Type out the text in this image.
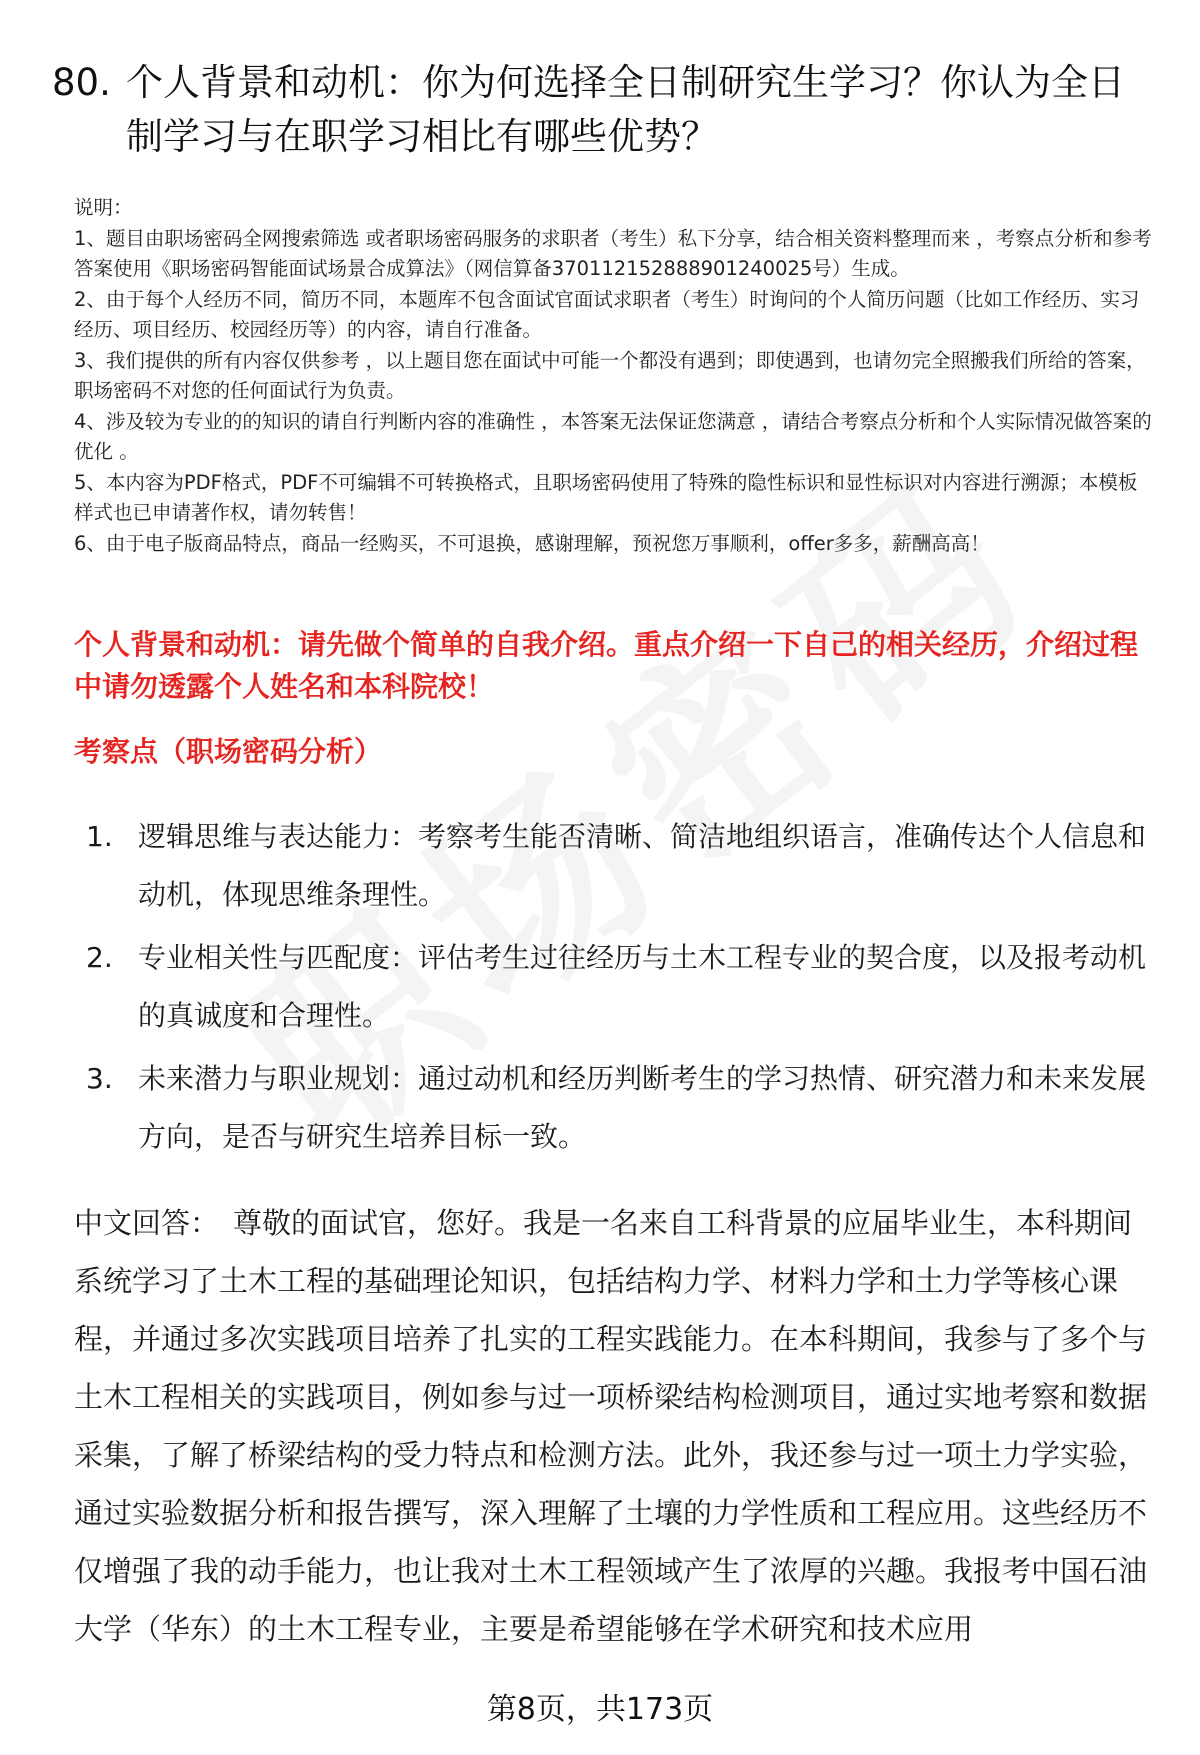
80. 个人背景和动机：你为何选择全日制研究生学习？你认为全日制学习与在职学习相比有哪些优势？

说明：

1、题目由职场密码全网搜索筛选 或者职场密码服务的求职者（考生）私下分享，结合相关资料整理而来 ，考察点分析和参考答案使用《职场密码智能面试场景合成算法》（网信算备370112152888901240025号）生成。

2、由于每个人经历不同，简历不同，本题库不包含面试官面试求职者（考生）时询问的个人简历问题（比如工作经历、实习经历、项目经历、校园经历等）的内容，请自行准备。

3、我们提供的所有内容仅供参考 ，以上题目您在面试中可能一个都没有遇到；即使遇到，也请勿完全照搬我们所给的答案，职场密码不对您的任何面试行为负责。

4、涉及较为专业的的知识的请自行判断内容的准确性 ，本答案无法保证您满意 ，请结合考察点分析和个人实际情况做答案的优化 。

5、本内容为PDF格式，PDF不可编辑不可转换格式，且职场密码使用了特殊的隐性标识和显性标识对内容进行溯源；本模板样式也已申请著作权，请勿转售！

6、由于电子版商品特点，商品一经购买，不可退换，感谢理解，预祝您万事顺利，offer多多，薪酬高高！

个人背景和动机：请先做个简单的自我介绍。重点介绍一下自己的相关经历，介绍过程中请勿透露个人姓名和本科院校！
考察点（职场密码分析）
1. 逻辑思维与表达能力：考察考生能否清晰、简洁地组织语言，准确传达个人信息和动机，体现思维条理性。
2. 专业相关性与匹配度：评估考生过往经历与土木工程专业的契合度，以及报考动机的真诚度和合理性。
3. 未来潜力与职业规划：通过动机和经历判断考生的学习热情、研究潜力和未来发展方向，是否与研究生培养目标一致。
中文回答： 尊敬的面试官，您好。我是一名来自工科背景的应届毕业生，本科期间系统学习了土木工程的基础理论知识，包括结构力学、材料力学和土力学等核心课程，并通过多次实践项目培养了扎实的工程实践能力。在本科期间，我参与了多个与土木工程相关的实践项目，例如参与过一项桥梁结构检测项目，通过实地考察和数据采集，了解了桥梁结构的受力特点和检测方法。此外，我还参与过一项土力学实验，通过实验数据分析和报告撰写，深入理解了土壤的力学性质和工程应用。这些经历不仅增强了我的动手能力，也让我对土木工程领域产生了浓厚的兴趣。我报考中国石油大学（华东）的土木工程专业，主要是希望能够在学术研究和技术应用
第8页，共173页
